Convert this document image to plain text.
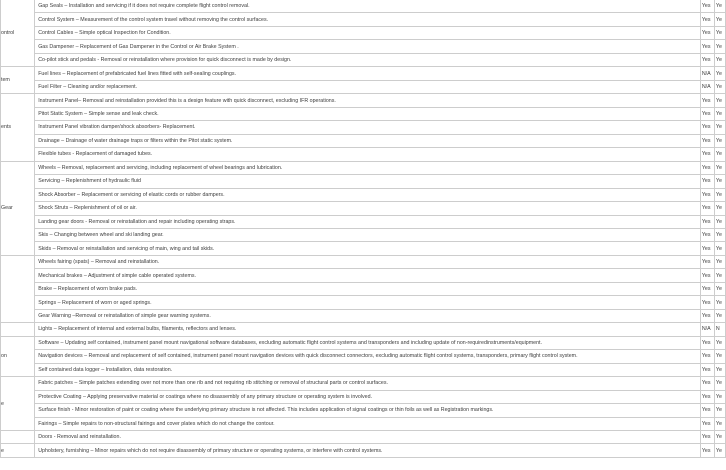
ontrol	Gap Seals – Installation and servicing if it does not require complete flight control removal.	Yes	Ye
	Control System – Measurement of the control system travel without removing the control surfaces.	Yes	Ye
	Control Cables – Simple optical Inspection for Condition.	Yes	Ye
	Gas Dampener – Replacement of Gas Dampener in the Control or Air Brake System .	Yes	Ye
	Co-pilot stick and pedals - Removal or reinstallation where provision for quick disconnect is made by design.	Yes	Ye
tem	Fuel lines – Replacement of prefabricated fuel lines fitted with self-sealing couplings.	N/A	Ye
	Fuel Filter – Cleaning and/or replacement.	N/A	Ye
ents	Instrument Panel– Removal and reinstallation provided this is a design feature with quick disconnect, excluding IFR operations.	Yes	Ye
	Pitot Static System – Simple sense and leak check.	Yes	Ye
	Instrument Panel vibration damper/shock absorbers- Replacement.	Yes	Ye
	Drainage – Drainage of water drainage traps or filters within the Pitot static system.	Yes	Ye
	Flexible tubes - Replacement of damaged tubes.	Yes	Ye
Gear	Wheels – Removal, replacement and servicing, including replacement of wheel bearings and lubrication.	Yes	Ye
	Servicing – Replenishment of hydraulic fluid	Yes	Ye
	Shock Absorber – Replacement or servicing of elastic cords or rubber dampers.	Yes	Ye
	Shock Struts – Replenishment of oil or air.	Yes	Ye
	Landing gear doors - Removal or reinstallation and repair including operating straps.	Yes	Ye
	Skis – Changing between wheel and ski landing gear.	Yes	Ye
	Skids – Removal or reinstallation and servicing of main, wing and tail skids.	Yes	Ye
	Wheels fairing (spats) – Removal and reinstallation.	Yes	Ye
	Mechanical brakes – Adjustment of simple cable operated systems.	Yes	Ye
	Brake – Replacement of worn brake pads.	Yes	Ye
	Springs – Replacement of worn or aged springs.	Yes	Ye
	Gear Warning –Removal or reinstallation of simple gear warning systems.	Yes	Ye
	Lights – Replacement of internal and external bulbs, filaments, reflectors and lenses.	N/A	N
on	Software – Updating self contained, instrument panel mount navigational software databases, excluding automatic flight control systems and transponders and including update of non-requiredinstruments/equipment.	Yes	Ye
	Navigation devices – Removal and replacement of self contained, instrument panel mount navigation devices with quick disconnect connectors, excluding automatic flight control systems, transponders, primary flight control system.	Yes	Ye
	Self contained data logger – Installation, data restoration.	Yes	Ye
e	Fabric patches – Simple patches extending over not more than one rib and not requiring rib stitching or removal of structural parts or control surfaces.	Yes	Ye
	Protective Coating – Applying preservative material or coatings where no disassembly of any primary structure or operating system is involved.	Yes	Ye
	Surface finish - Minor restoration of paint or coating where the underlying primary structure is not affected. This includes application of signal coatings or thin foils as well as Registration markings.	Yes	Ye
	Fairings – Simple repairs to non-structural fairings and cover plates which do not change the contour.	Yes	Ye
	Doors - Removal and reinstallation.	Yes	Ye
e	Upholstery, furnishing – Minor repairs which do not require disassembly of primary structure or operating systems, or interfere with control systems.	Yes	Ye
